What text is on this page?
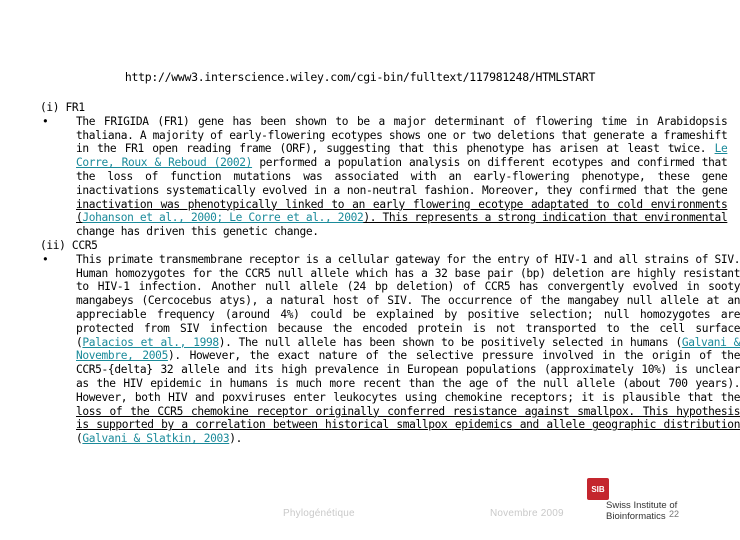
http://www3.interscience.wiley.com/cgi-bin/fulltext/117981248/HTMLSTART

(i) FR1

•	The FRIGIDA (FR1) gene has been shown to be a major determinant of flowering time in Arabidopsis
thaliana. A majority of early-flowering ecotypes shows one or two deletions that generate a frameshift
in the FR1 open reading frame (ORF), suggesting that this phenotype has arisen at least twice. Le
Corre, Roux & Reboud (2002) performed a population analysis on different ecotypes and confirmed that
the loss of function mutations was associated with an early-flowering phenotype, these gene
inactivations systematically evolved in a non-neutral fashion. Moreover, they confirmed that the gene
inactivation was phenotypically linked to an early flowering ecotype adaptated to cold environments
(Johanson et al., 2000; Le Corre et al., 2002). This represents a strong indication that environmental
change has driven this genetic change.

(ii) CCR5

•	This primate transmembrane receptor is a cellular gateway for the entry of HIV-1 and all strains of SIV.
Human homozygotes for the CCR5 null allele which has a 32 base pair (bp) deletion are highly resistant
to HIV-1 infection. Another null allele (24 bp deletion) of CCR5 has convergently evolved in sooty
mangabeys (Cercocebus atys), a natural host of SIV. The occurrence of the mangabey null allele at an
appreciable frequency (around 4%) could be explained by positive selection; null homozygotes are
protected from SIV infection because the encoded protein is not transported to the cell surface
(Palacios et al., 1998). The null allele has been shown to be positively selected in humans (Galvani &
Novembre, 2005). However, the exact nature of the selective pressure involved in the origin of the
CCR5-{delta} 32 allele and its high prevalence in European populations (approximately 10%) is unclear
as the HIV epidemic in humans is much more recent than the age of the null allele (about 700 years).
However, both HIV and poxviruses enter leukocytes using chemokine receptors; it is plausible that the
loss of the CCR5 chemokine receptor originally conferred resistance against smallpox. This hypothesis
is supported by a correlation between historical smallpox epidemics and allele geographic distribution
(Galvani & Slatkin, 2003).
Phylogénétique	Novembre 2009
SIB
Swiss Institute of
Bioinformatics 22
